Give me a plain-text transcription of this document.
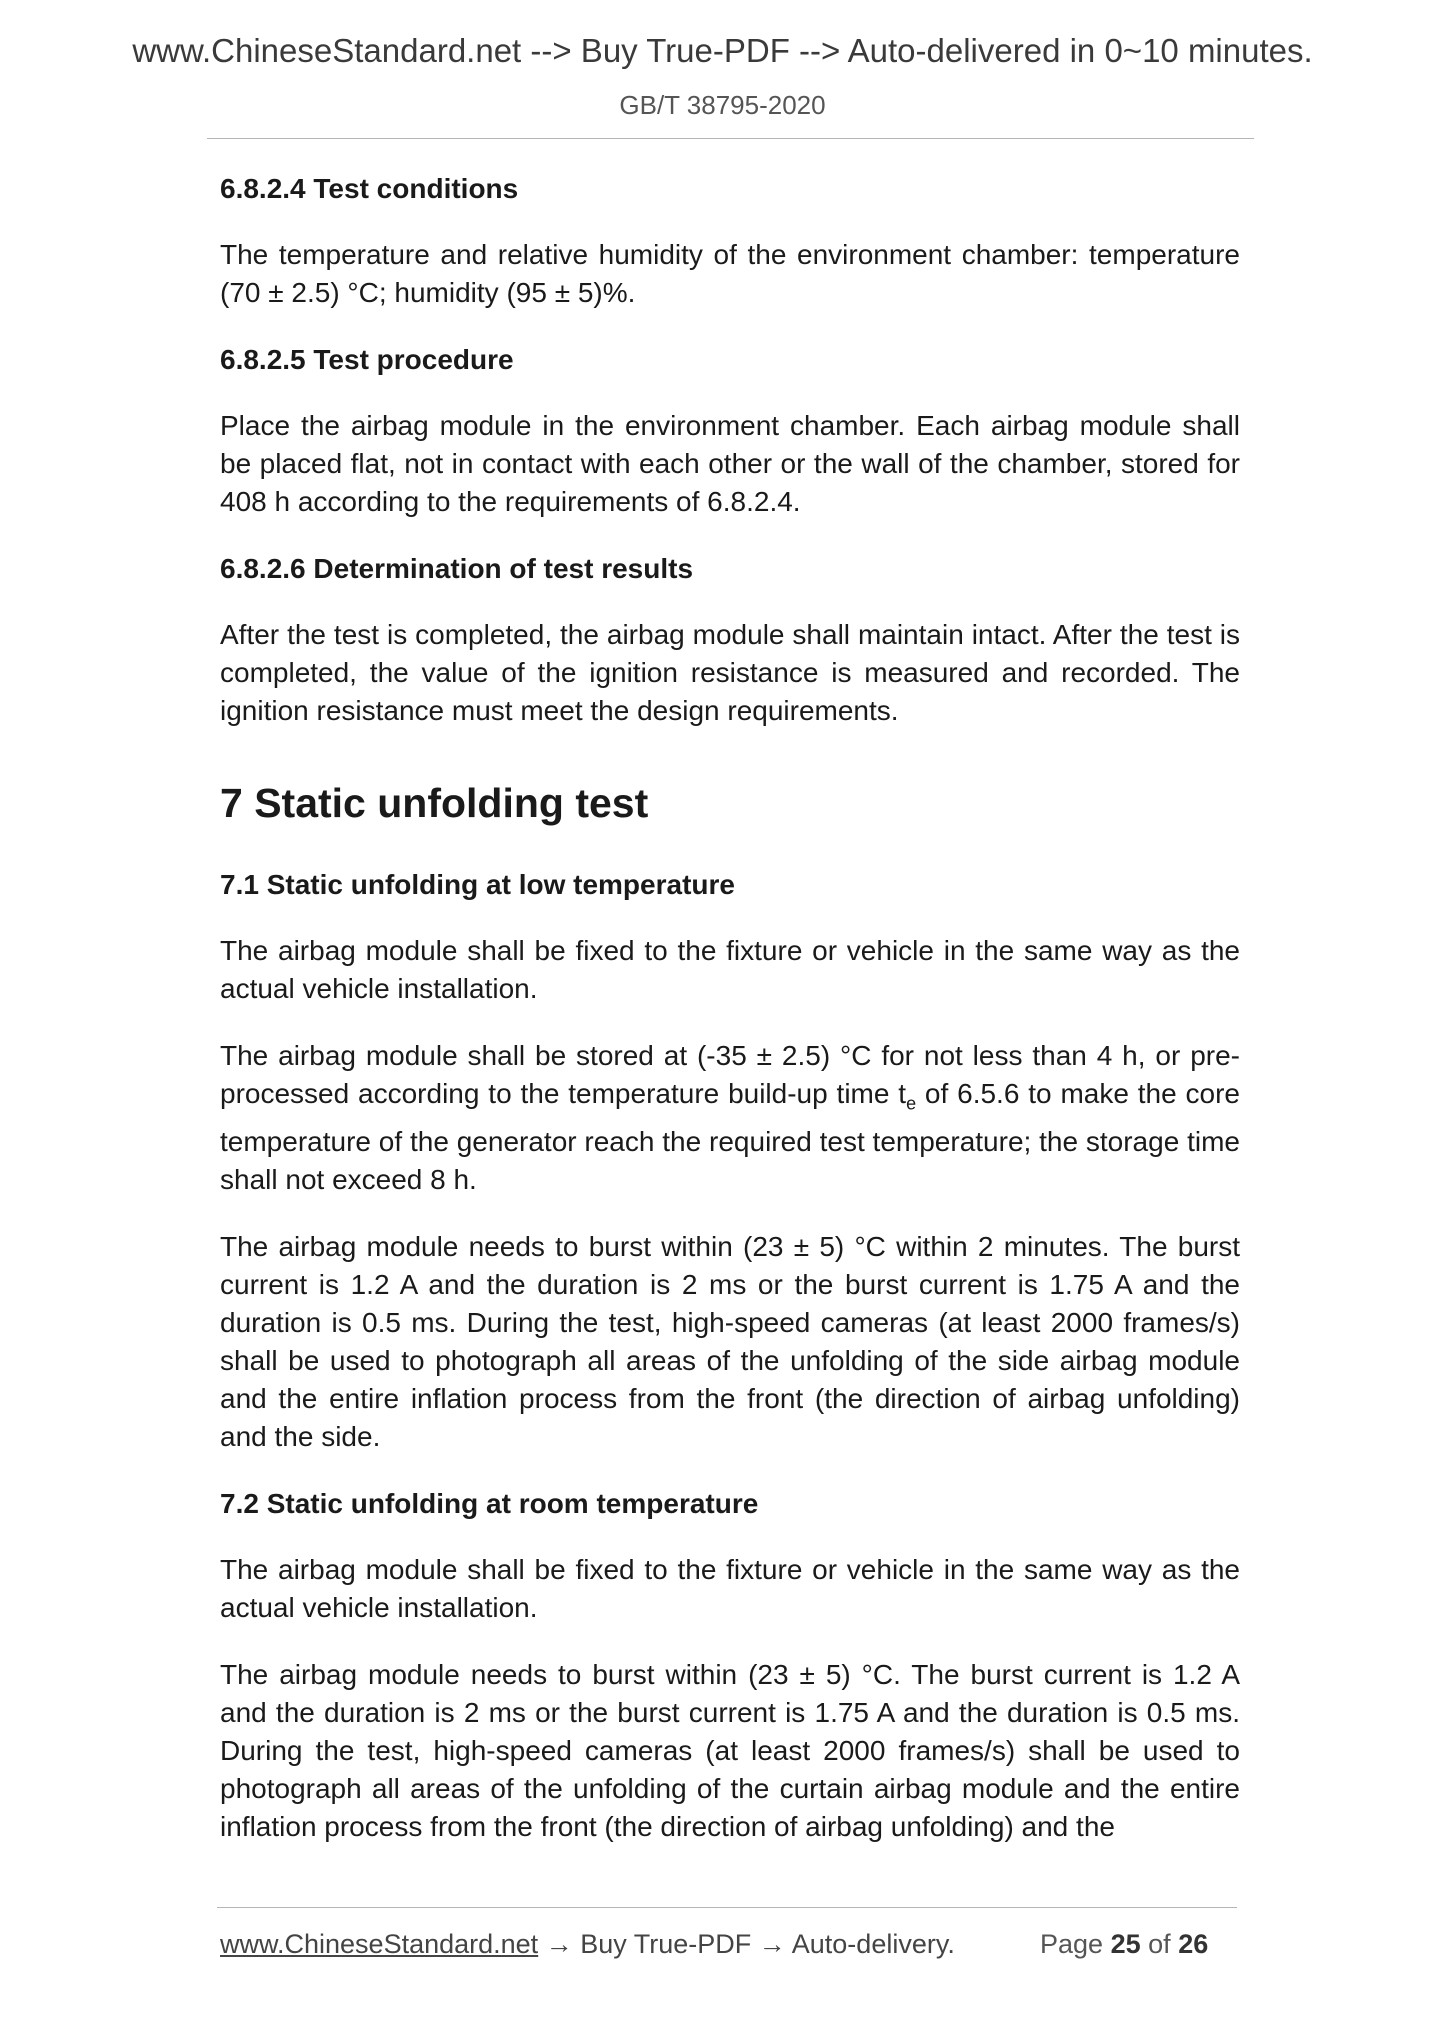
www.ChineseStandard.net --> Buy True-PDF --> Auto-delivered in 0~10 minutes.
GB/T 38795-2020
6.8.2.4 Test conditions
The temperature and relative humidity of the environment chamber: temperature (70 ± 2.5) °C; humidity (95 ± 5)%.
6.8.2.5 Test procedure
Place the airbag module in the environment chamber. Each airbag module shall be placed flat, not in contact with each other or the wall of the chamber, stored for 408 h according to the requirements of 6.8.2.4.
6.8.2.6 Determination of test results
After the test is completed, the airbag module shall maintain intact. After the test is completed, the value of the ignition resistance is measured and recorded. The ignition resistance must meet the design requirements.
7 Static unfolding test
7.1 Static unfolding at low temperature
The airbag module shall be fixed to the fixture or vehicle in the same way as the actual vehicle installation.
The airbag module shall be stored at (-35 ± 2.5) °C for not less than 4 h, or pre-processed according to the temperature build-up time $t_e$ of 6.5.6 to make the core temperature of the generator reach the required test temperature; the storage time shall not exceed 8 h.
The airbag module needs to burst within (23 ± 5) °C within 2 minutes. The burst current is 1.2 A and the duration is 2 ms or the burst current is 1.75 A and the duration is 0.5 ms. During the test, high-speed cameras (at least 2000 frames/s) shall be used to photograph all areas of the unfolding of the side airbag module and the entire inflation process from the front (the direction of airbag unfolding) and the side.
7.2 Static unfolding at room temperature
The airbag module shall be fixed to the fixture or vehicle in the same way as the actual vehicle installation.
The airbag module needs to burst within (23 ± 5) °C. The burst current is 1.2 A and the duration is 2 ms or the burst current is 1.75 A and the duration is 0.5 ms. During the test, high-speed cameras (at least 2000 frames/s) shall be used to photograph all areas of the unfolding of the curtain airbag module and the entire inflation process from the front (the direction of airbag unfolding) and the
www.ChineseStandard.net → Buy True-PDF → Auto-delivery.	Page 25 of 26
